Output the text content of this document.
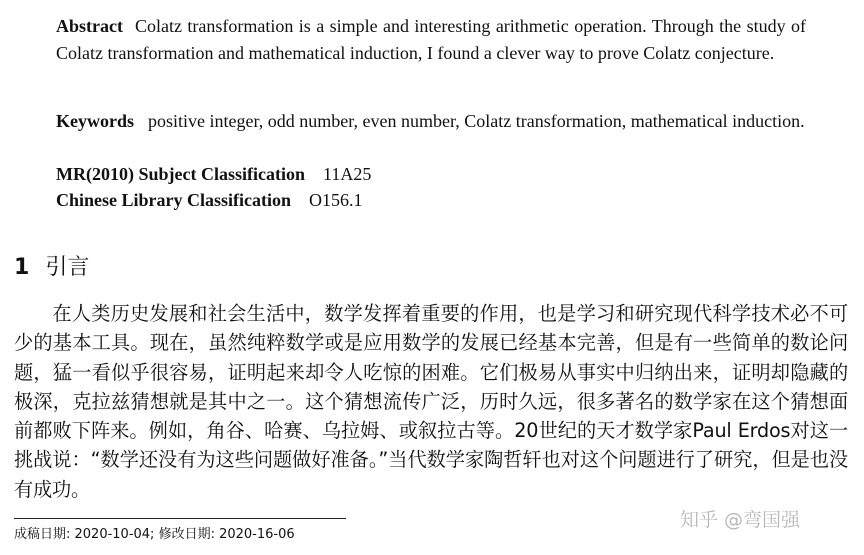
Abstract Colatz transformation is a simple and interesting arithmetic operation. Through the study of Colatz transformation and mathematical induction, I found a clever way to prove Colatz conjecture.
Keywords positive integer, odd number, even number, Colatz transformation, mathematical induction.
MR(2010) Subject Classification 11A25
Chinese Library Classification O156.1
1 引言
在人类历史发展和社会生活中，数学发挥着重要的作用，也是学习和研究现代科学技术必不可少的基本工具。现在，虽然纯粹数学或是应用数学的发展已经基本完善，但是有一些简单的数论问题，猛一看似乎很容易，证明起来却令人吃惊的困难。它们极易从事实中归纳出来，证明却隐藏的极深，克拉兹猜想就是其中之一。这个猜想流传广泛，历时久远，很多著名的数学家在这个猜想面前都败下阵来。例如，角谷、哈赛、乌拉姆、或叙拉古等。20世纪的天才数学家Paul Erdos对这一挑战说：“数学还没有为这些问题做好准备。”当代数学家陶哲轩也对这个问题进行了研究，但是也没有成功。
成稿日期: 2020-10-04; 修改日期: 2020-16-06
知乎 @弯国强
